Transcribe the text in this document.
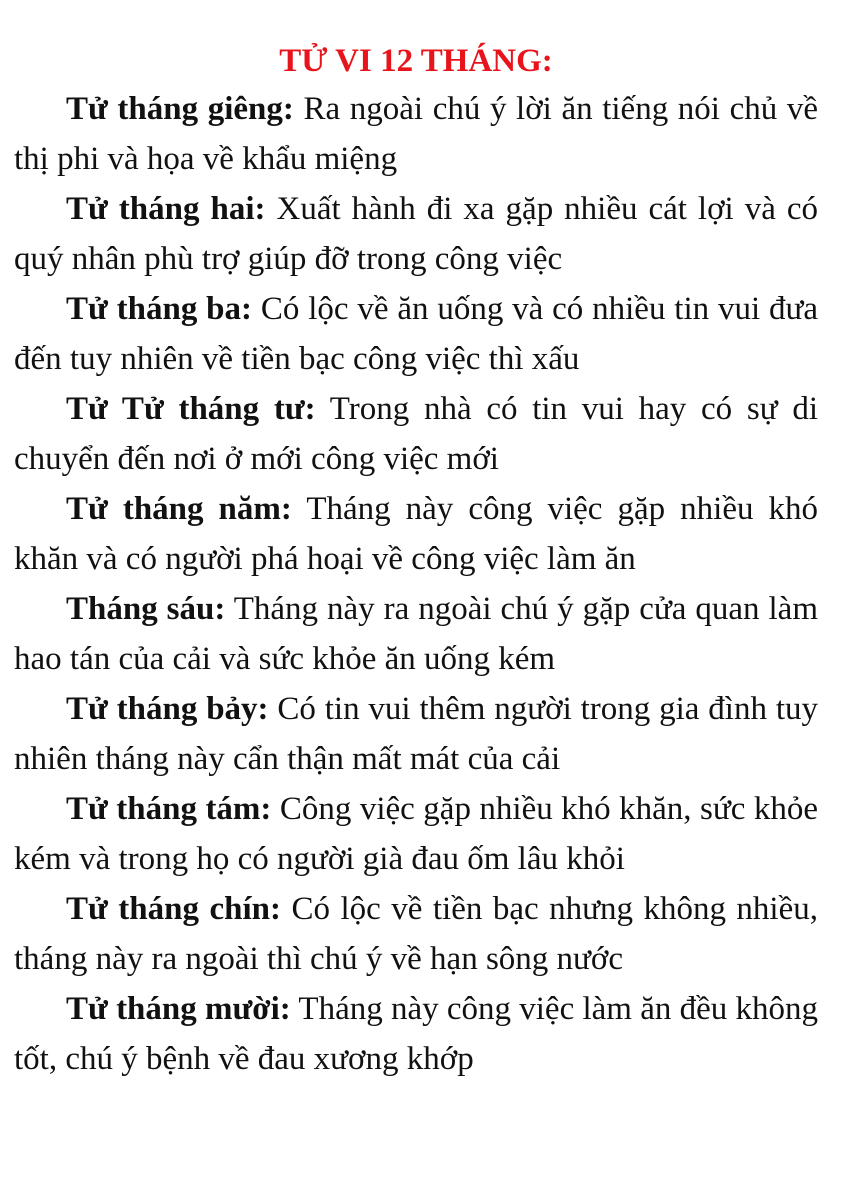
TỬ VI 12 THÁNG:

Tử tháng giêng: Ra ngoài chú ý lời ăn tiếng nói chủ về thị phi và họa về khẩu miệng

Tử tháng hai: Xuất hành đi xa gặp nhiều cát lợi và có quý nhân phù trợ giúp đỡ trong công việc

Tử tháng ba: Có lộc về ăn uống và có nhiều tin vui đưa đến tuy nhiên về tiền bạc công việc thì xấu

Tử Tử tháng tư: Trong nhà có tin vui hay có sự di chuyển đến nơi ở mới công việc mới

Tử tháng năm: Tháng này công việc gặp nhiều khó khăn và có người phá hoại về công việc làm ăn

Tháng sáu: Tháng này ra ngoài chú ý gặp cửa quan làm hao tán của cải và sức khỏe ăn uống kém

Tử tháng bảy: Có tin vui thêm người trong gia đình tuy nhiên tháng này cẩn thận mất mát của cải

Tử tháng tám: Công việc gặp nhiều khó khăn, sức khỏe kém và trong họ có người già đau ốm lâu khỏi

Tử tháng chín: Có lộc về tiền bạc nhưng không nhiều, tháng này ra ngoài thì chú ý về hạn sông nước

Tử tháng mười: Tháng này công việc làm ăn đều không tốt, chú ý bệnh về đau xương khớp
